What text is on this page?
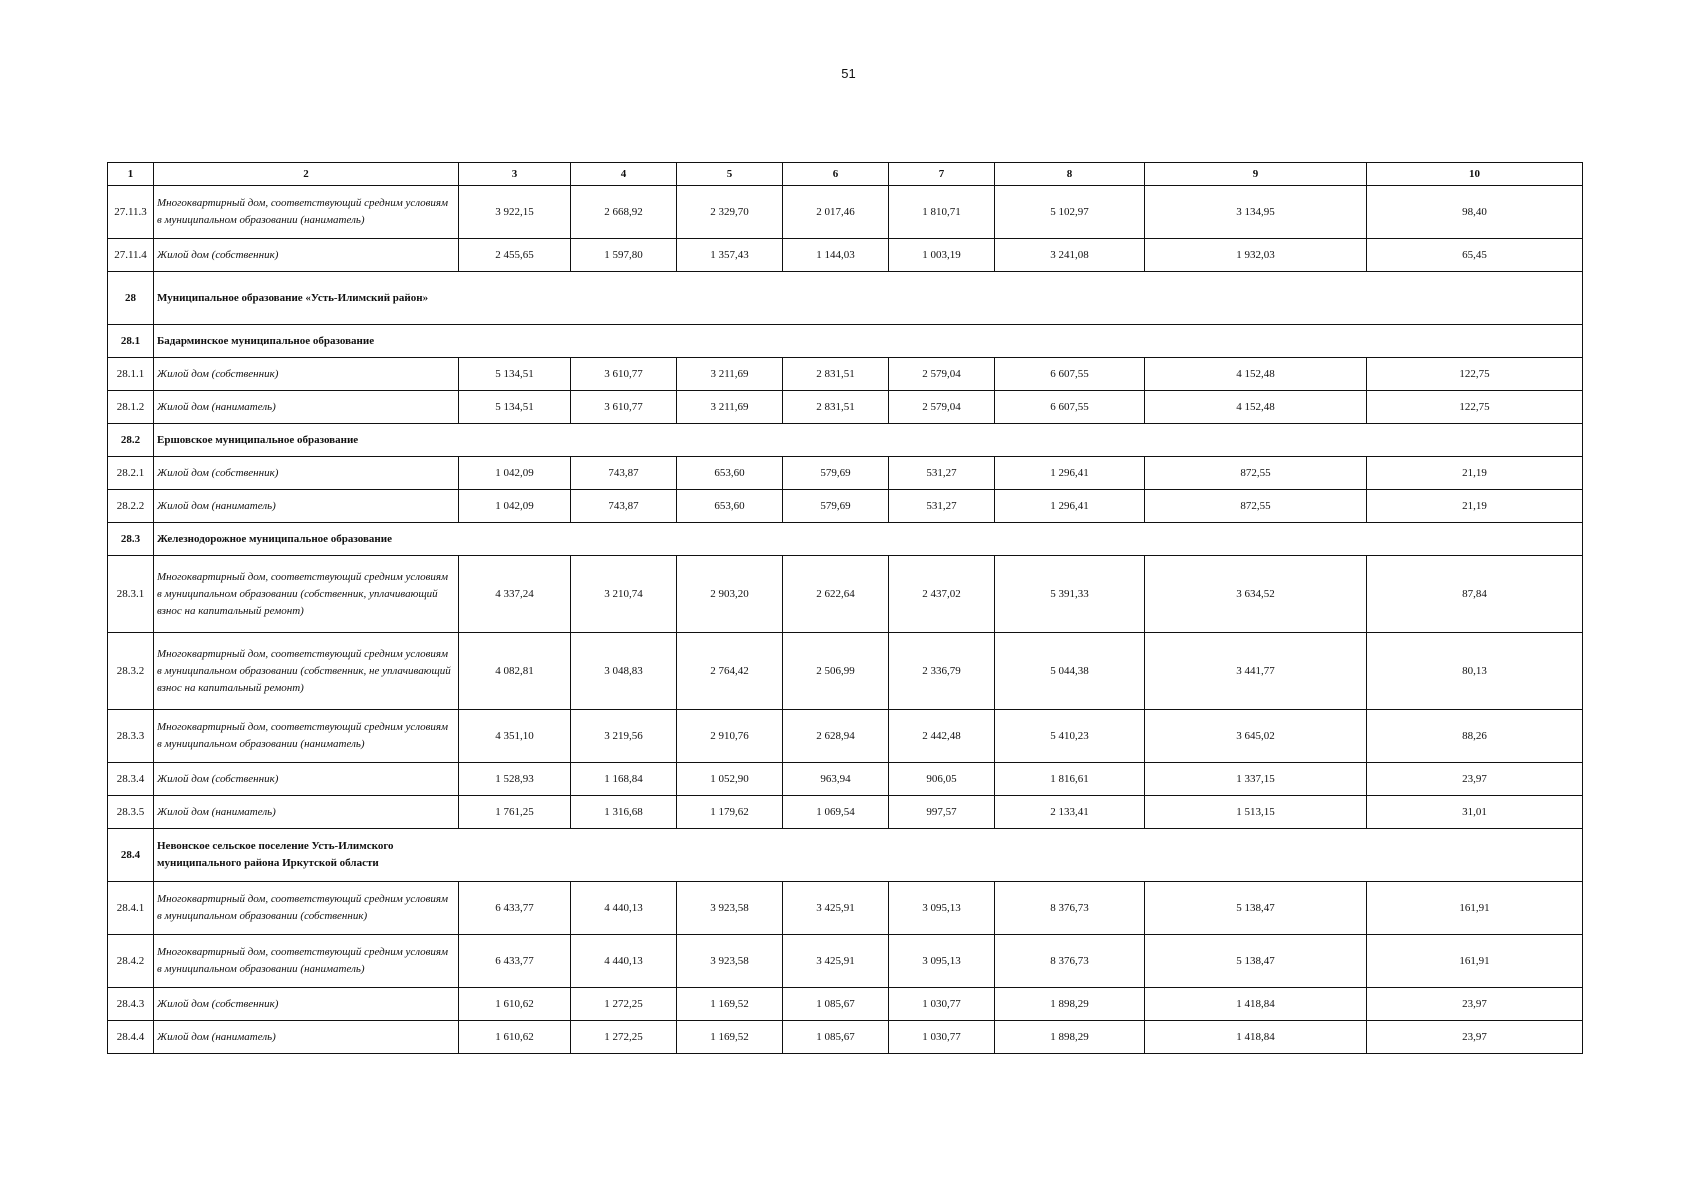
51
1	2	3	4	5	6	7	8	9	10
27.11.3	Многоквартирный дом, соответствующий средним условиям в муниципальном образовании (наниматель)	3 922,15	2 668,92	2 329,70	2 017,46	1 810,71	5 102,97	3 134,95	98,40
27.11.4	Жилой дом (собственник)	2 455,65	1 597,80	1 357,43	1 144,03	1 003,19	3 241,08	1 932,03	65,45
28	Муниципальное образование «Усть-Илимский район»								

28.1	Бадарминское муниципальное образование								

28.1.1	Жилой дом (собственник)	5 134,51	3 610,77	3 211,69	2 831,51	2 579,04	6 607,55	4 152,48	122,75
28.1.2	Жилой дом (наниматель)	5 134,51	3 610,77	3 211,69	2 831,51	2 579,04	6 607,55	4 152,48	122,75
28.2	Ершовское муниципальное образование								

28.2.1	Жилой дом (собственник)	1 042,09	743,87	653,60	579,69	531,27	1 296,41	872,55	21,19
28.2.2	Жилой дом (наниматель)	1 042,09	743,87	653,60	579,69	531,27	1 296,41	872,55	21,19
28.3	Железнодорожное муниципальное образование								

28.3.1	Многоквартирный дом, соответствующий средним условиям в муниципальном образовании (собственник, уплачивающий взнос на капитальный ремонт)	4 337,24	3 210,74	2 903,20	2 622,64	2 437,02	5 391,33	3 634,52	87,84
28.3.2	Многоквартирный дом, соответствующий средним условиям в муниципальном образовании (собственник, не уплачивающий взнос на капитальный ремонт)	4 082,81	3 048,83	2 764,42	2 506,99	2 336,79	5 044,38	3 441,77	80,13
28.3.3	Многоквартирный дом, соответствующий средним условиям в муниципальном образовании (наниматель)	4 351,10	3 219,56	2 910,76	2 628,94	2 442,48	5 410,23	3 645,02	88,26
28.3.4	Жилой дом (собственник)	1 528,93	1 168,84	1 052,90	963,94	906,05	1 816,61	1 337,15	23,97
28.3.5	Жилой дом (наниматель)	1 761,25	1 316,68	1 179,62	1 069,54	997,57	2 133,41	1 513,15	31,01
28.4	Невонское сельское поселение Усть-Илимского муниципального района Иркутской области								

28.4.1	Многоквартирный дом, соответствующий средним условиям в муниципальном образовании (собственник)	6 433,77	4 440,13	3 923,58	3 425,91	3 095,13	8 376,73	5 138,47	161,91
28.4.2	Многоквартирный дом, соответствующий средним условиям в муниципальном образовании (наниматель)	6 433,77	4 440,13	3 923,58	3 425,91	3 095,13	8 376,73	5 138,47	161,91
28.4.3	Жилой дом (собственник)	1 610,62	1 272,25	1 169,52	1 085,67	1 030,77	1 898,29	1 418,84	23,97
28.4.4	Жилой дом (наниматель)	1 610,62	1 272,25	1 169,52	1 085,67	1 030,77	1 898,29	1 418,84	23,97
